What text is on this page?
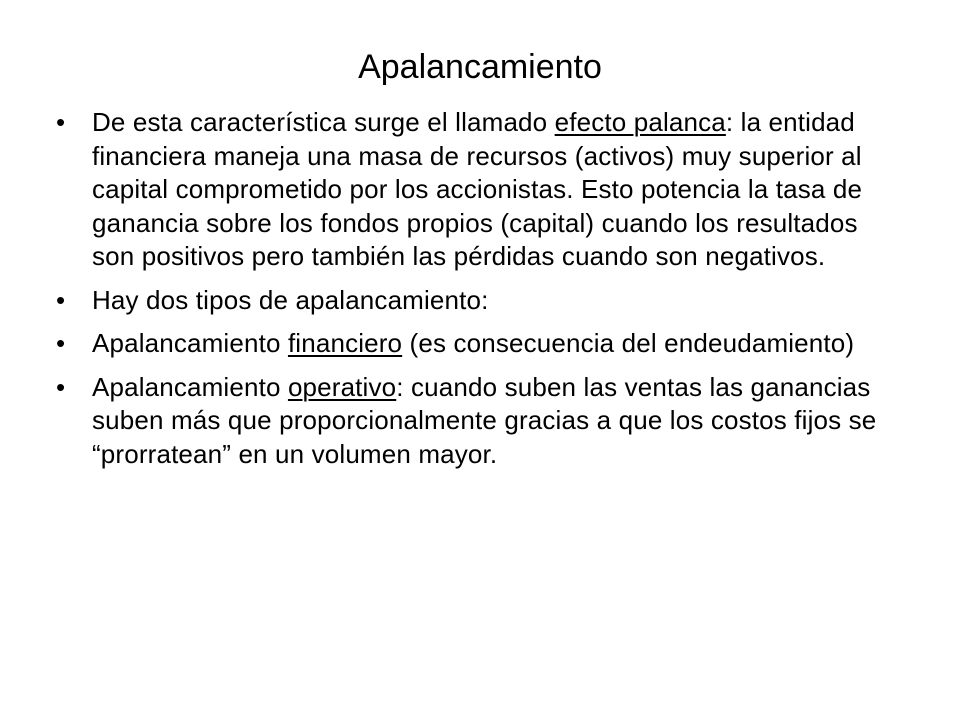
Apalancamiento
•	De esta característica surge el llamado efecto palanca: la entidad financiera maneja una masa de recursos (activos) muy superior al capital comprometido por los accionistas. Esto potencia la tasa de ganancia sobre los fondos propios (capital) cuando los resultados son positivos pero también las pérdidas cuando son negativos.
•	Hay dos tipos de apalancamiento:
•	Apalancamiento financiero (es consecuencia del endeudamiento)
•	Apalancamiento operativo: cuando suben las ventas las ganancias suben más que proporcionalmente gracias a que los costos fijos se “prorratean” en un volumen mayor.
